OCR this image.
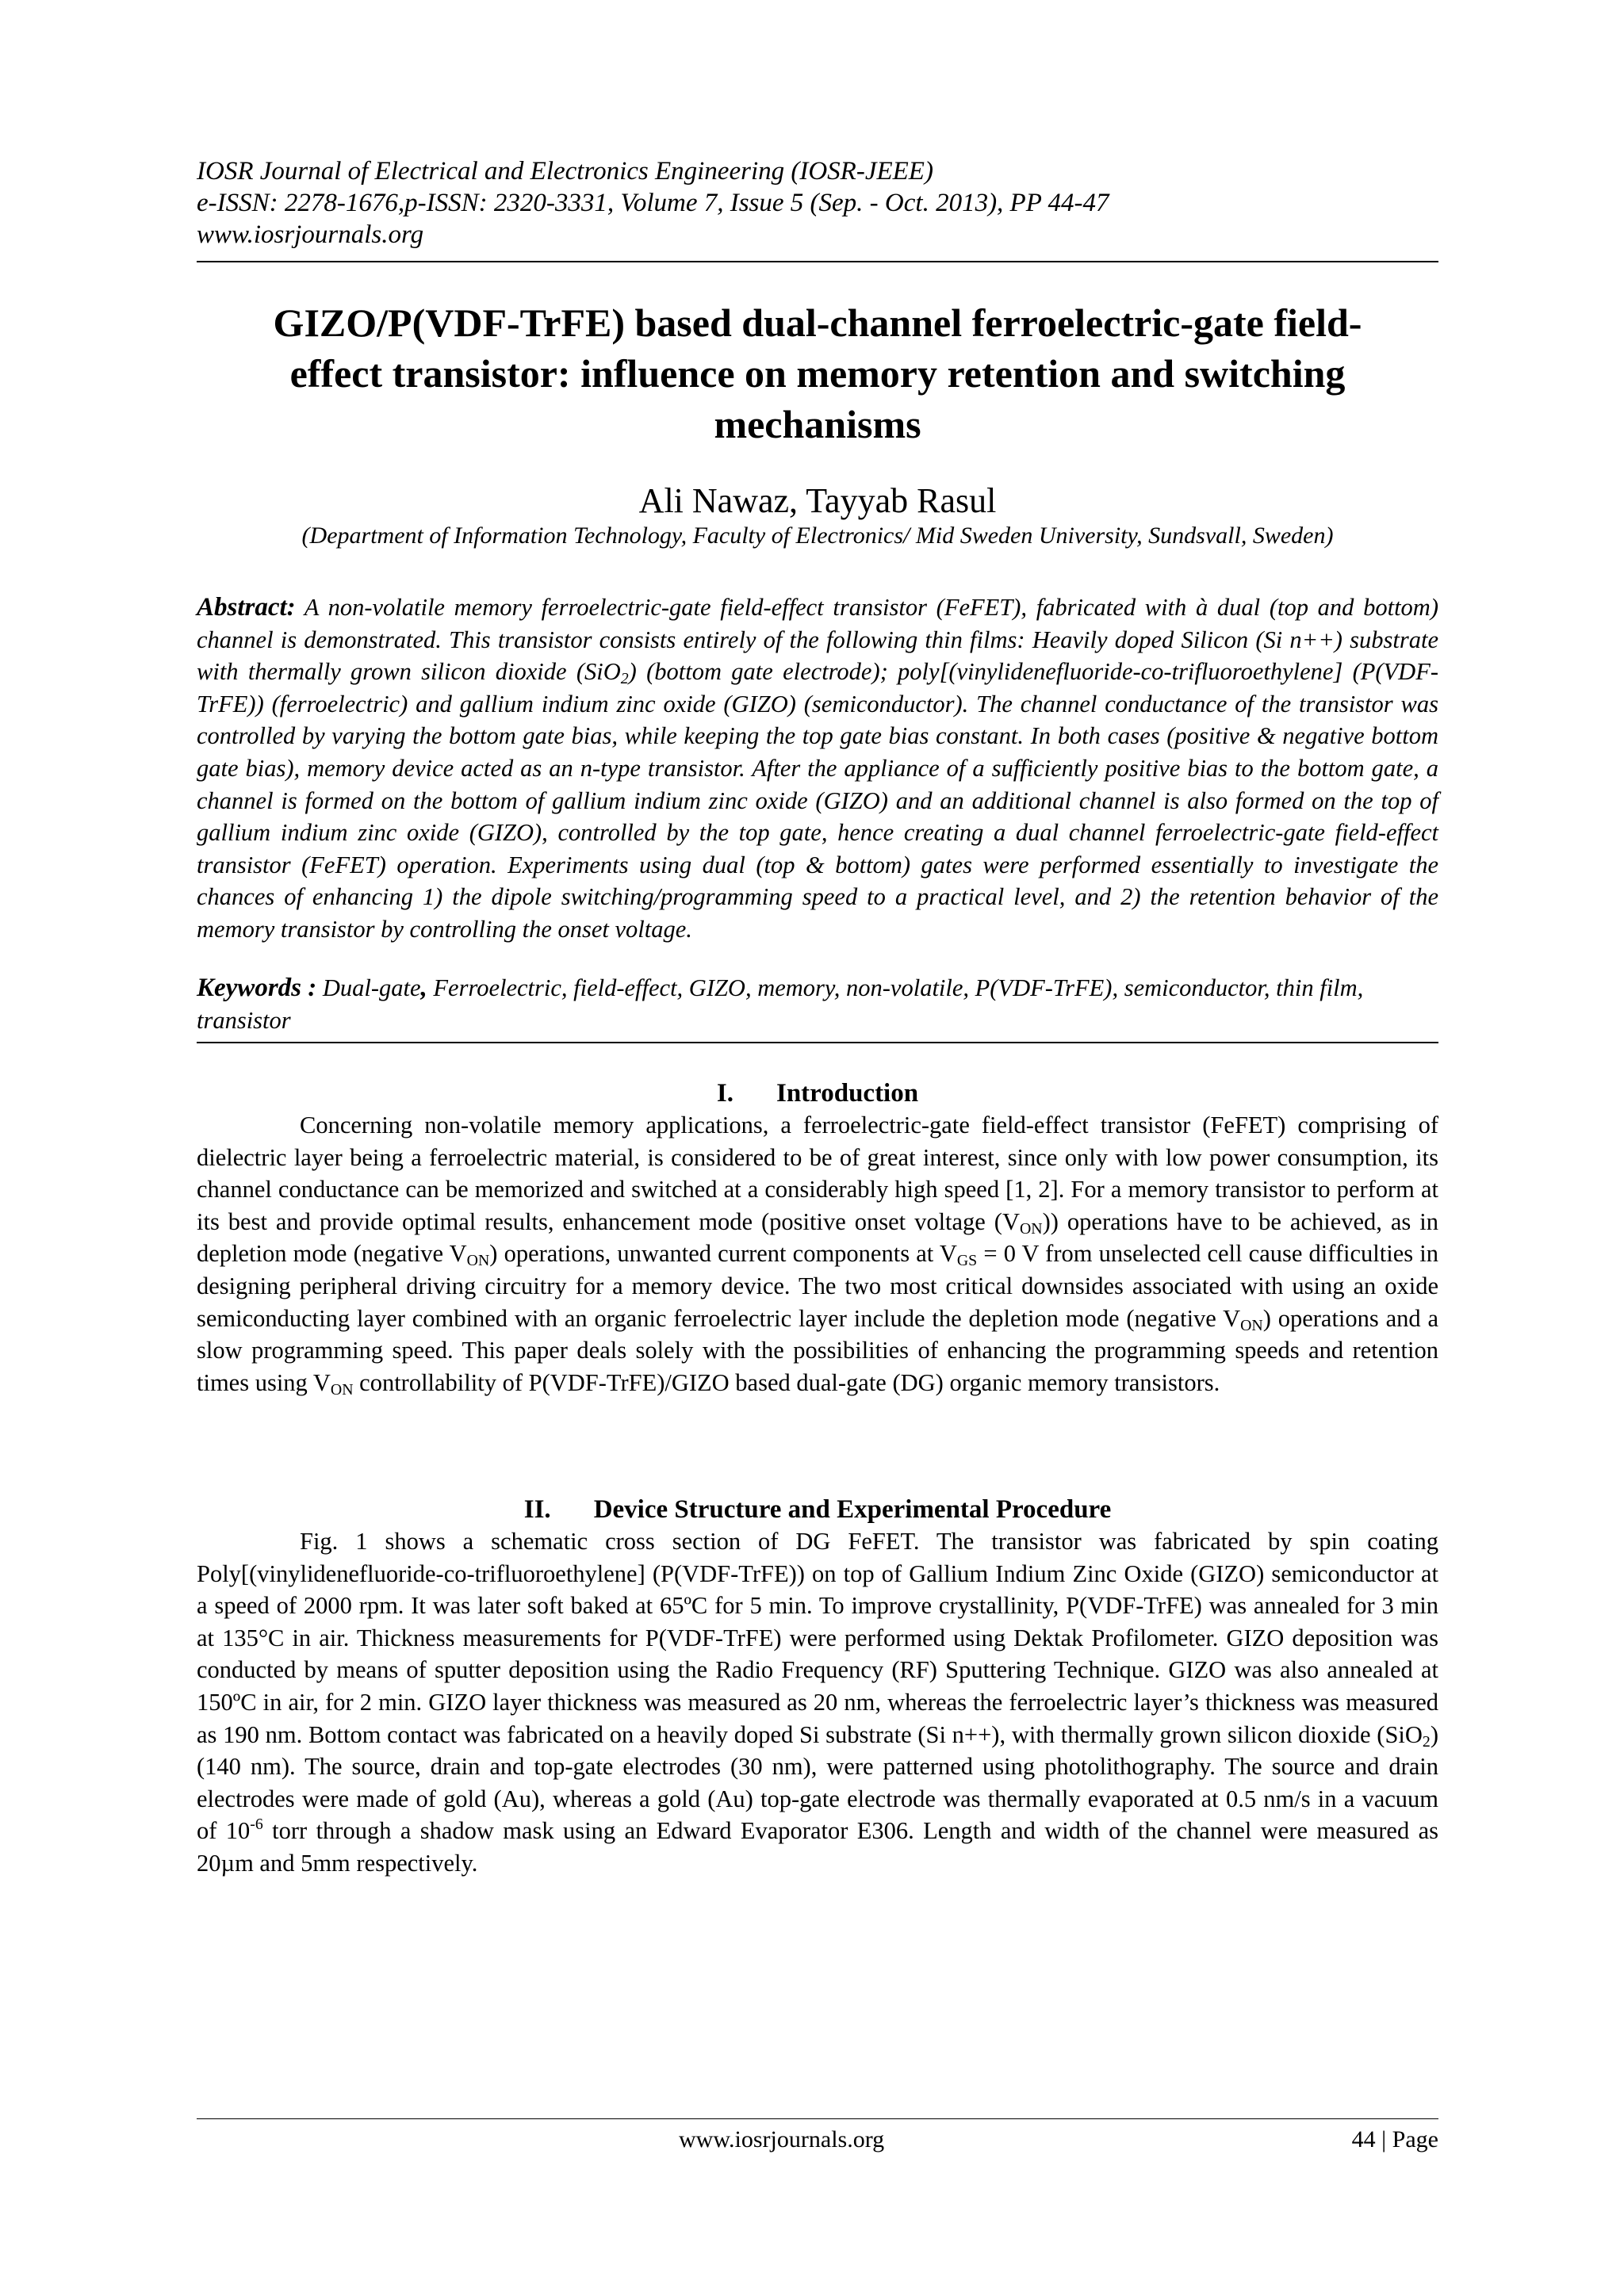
IOSR Journal of Electrical and Electronics Engineering (IOSR-JEEE)
e-ISSN: 2278-1676,p-ISSN: 2320-3331, Volume 7, Issue 5 (Sep. - Oct. 2013), PP 44-47
www.iosrjournals.org
GIZO/P(VDF-TrFE) based dual-channel ferroelectric-gate field-
effect transistor: influence on memory retention and switching
mechanisms
Ali Nawaz, Tayyab Rasul
(Department of Information Technology, Faculty of Electronics/ Mid Sweden University, Sundsvall, Sweden)
Abstract: A non-volatile memory ferroelectric-gate field-effect transistor (FeFET), fabricated with à dual (top and bottom) channel is demonstrated. This transistor consists entirely of the following thin films: Heavily doped Silicon (Si n++) substrate with thermally grown silicon dioxide (SiO$_2$) (bottom gate electrode); poly[(vinylidenefluoride-co-trifluoroethylene] (P(VDF-TrFE)) (ferroelectric) and gallium indium zinc oxide (GIZO) (semiconductor). The channel conductance of the transistor was controlled by varying the bottom gate bias, while keeping the top gate bias constant. In both cases (positive & negative bottom gate bias), memory device acted as an n-type transistor. After the appliance of a sufficiently positive bias to the bottom gate, a channel is formed on the bottom of gallium indium zinc oxide (GIZO) and an additional channel is also formed on the top of gallium indium zinc oxide (GIZO), controlled by the top gate, hence creating a dual channel ferroelectric-gate field-effect transistor (FeFET) operation. Experiments using dual (top & bottom) gates were performed essentially to investigate the chances of enhancing 1) the dipole switching/programming speed to a practical level, and 2) the retention behavior of the memory transistor by controlling the onset voltage.
Keywords : Dual-gate, Ferroelectric, field-effect, GIZO, memory, non-volatile, P(VDF-TrFE), semiconductor, thin film, transistor
I. Introduction
Concerning non-volatile memory applications, a ferroelectric-gate field-effect transistor (FeFET) comprising of dielectric layer being a ferroelectric material, is considered to be of great interest, since only with low power consumption, its channel conductance can be memorized and switched at a considerably high speed [1, 2]. For a memory transistor to perform at its best and provide optimal results, enhancement mode (positive onset voltage $(V_{ON})$) operations have to be achieved, as in depletion mode (negative $V_{ON}$) operations, unwanted current components at $V_{GS} = 0$ V from unselected cell cause difficulties in designing peripheral driving circuitry for a memory device. The two most critical downsides associated with using an oxide semiconducting layer combined with an organic ferroelectric layer include the depletion mode (negative $V_{ON}$) operations and a slow programming speed. This paper deals solely with the possibilities of enhancing the programming speeds and retention times using $V_{ON}$ controllability of P(VDF-TrFE)/GIZO based dual-gate (DG) organic memory transistors.
II. Device Structure and Experimental Procedure
Fig. 1 shows a schematic cross section of DG FeFET. The transistor was fabricated by spin coating Poly[(vinylidenefluoride-co-trifluoroethylene] (P(VDF-TrFE)) on top of Gallium Indium Zinc Oxide (GIZO) semiconductor at a speed of 2000 rpm. It was later soft baked at 65ºC for 5 min. To improve crystallinity, P(VDF-TrFE) was annealed for 3 min at 135°C in air. Thickness measurements for P(VDF-TrFE) were performed using Dektak Profilometer. GIZO deposition was conducted by means of sputter deposition using the Radio Frequency (RF) Sputtering Technique. GIZO was also annealed at 150ºC in air, for 2 min. GIZO layer thickness was measured as 20 nm, whereas the ferroelectric layer’s thickness was measured as 190 nm. Bottom contact was fabricated on a heavily doped Si substrate (Si n++), with thermally grown silicon dioxide (SiO$_2$) (140 nm). The source, drain and top-gate electrodes (30 nm), were patterned using photolithography. The source and drain electrodes were made of gold (Au), whereas a gold (Au) top-gate electrode was thermally evaporated at 0.5 nm/s in a vacuum of $10^{-6}$ torr through a shadow mask using an Edward Evaporator E306. Length and width of the channel were measured as 20µm and 5mm respectively.
www.iosrjournals.org	44 | Page
